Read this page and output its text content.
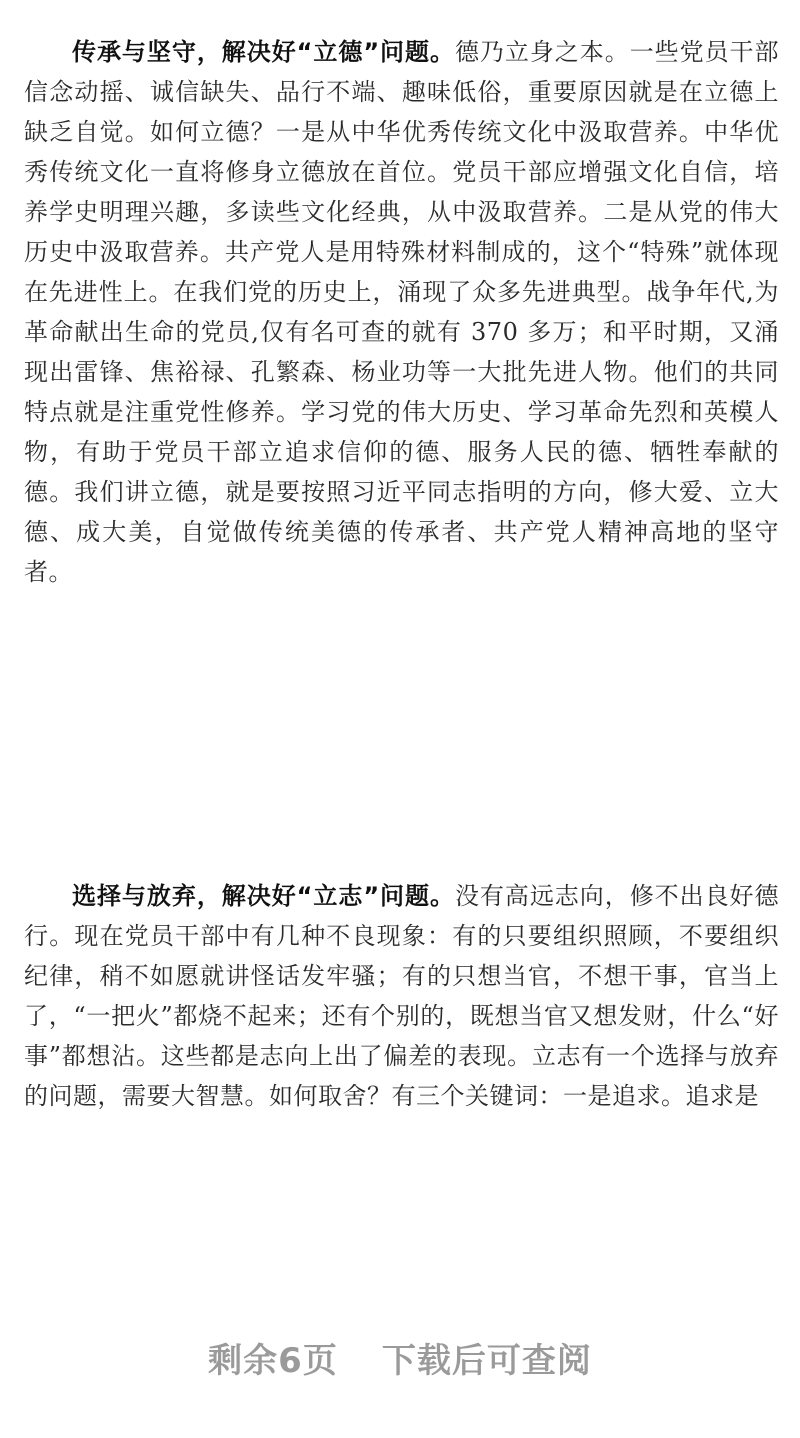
传承与坚守，解决好“立德”问题。德乃立身之本。一些党员干部信念动摇、诚信缺失、品行不端、趣味低俗，重要原因就是在立德上缺乏自觉。如何立德？一是从中华优秀传统文化中汲取营养。中华优秀传统文化一直将修身立德放在首位。党员干部应增强文化自信，培养学史明理兴趣，多读些文化经典，从中汲取营养。二是从党的伟大历史中汲取营养。共产党人是用特殊材料制成的，这个“特殊”就体现在先进性上。在我们党的历史上，涌现了众多先进典型。战争年代,为革命献出生命的党员,仅有名可查的就有 370 多万；和平时期，又涌现出雷锋、焦裕禄、孔繁森、杨业功等一大批先进人物。他们的共同特点就是注重党性修养。学习党的伟大历史、学习革命先烈和英模人物，有助于党员干部立追求信仰的德、服务人民的德、牺牲奉献的德。我们讲立德，就是要按照习近平同志指明的方向，修大爱、立大德、成大美，自觉做传统美德的传承者、共产党人精神高地的坚守者。

选择与放弃，解决好“立志”问题。没有高远志向，修不出良好德行。现在党员干部中有几种不良现象：有的只要组织照顾，不要组织纪律，稍不如愿就讲怪话发牢骚；有的只想当官，不想干事，官当上了，“一把火”都烧不起来；还有个别的，既想当官又想发财，什么“好事”都想沾。这些都是志向上出了偏差的表现。立志有一个选择与放弃的问题，需要大智慧。如何取舍？有三个关键词：一是追求。追求是

剩余6页 下载后可查阅
